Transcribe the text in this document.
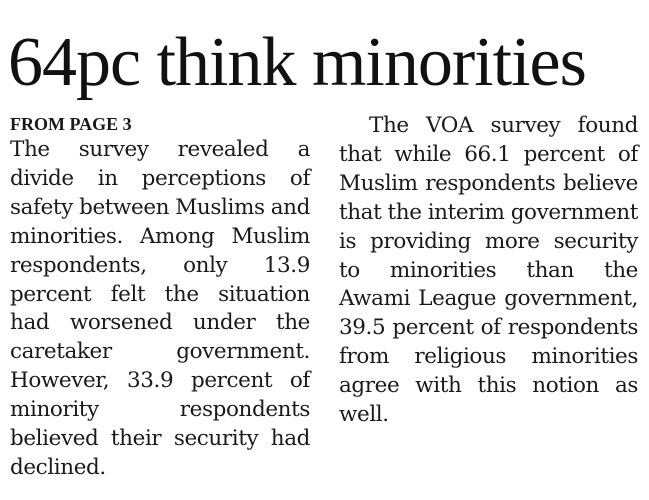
64pc think minorities
FROM PAGE 3

The survey revealed a divide in perceptions of safety between Muslims and minorities. Among Muslim respondents, only 13.9 percent felt the situation had worsened under the caretaker government. However, 33.9 percent of minority respondents believed their security had declined.

The VOA survey found that while 66.1 percent of Muslim respondents believe that the interim government is providing more security to minorities than the Awami League government, 39.5 percent of respondents from religious minorities agree with this notion as well.
